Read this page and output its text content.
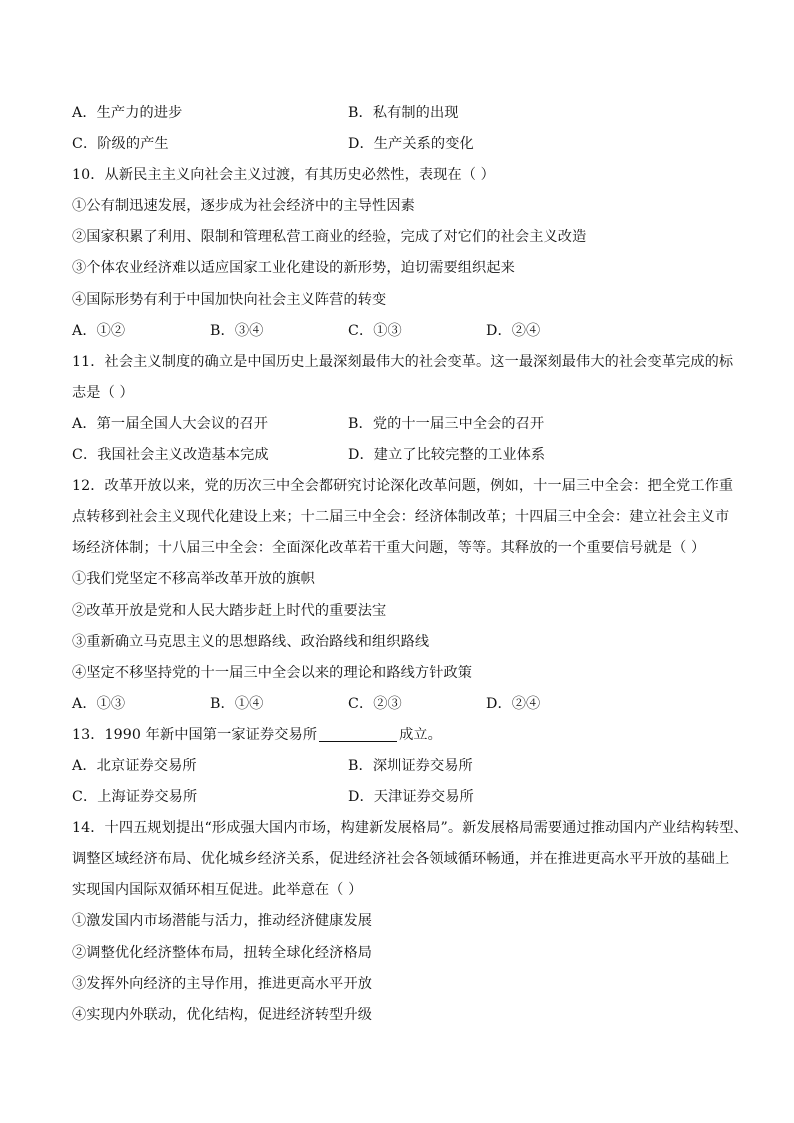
A．生产力的进步	B．私有制的出现
C．阶级的产生	D．生产关系的变化
10．从新民主主义向社会主义过渡，有其历史必然性，表现在（ ）
①公有制迅速发展，逐步成为社会经济中的主导性因素
②国家积累了利用、限制和管理私营工商业的经验，完成了对它们的社会主义改造
③个体农业经济难以适应国家工业化建设的新形势，迫切需要组织起来
④国际形势有利于中国加快向社会主义阵营的转变
A．①②	B．③④	C．①③	D．②④
11．社会主义制度的确立是中国历史上最深刻最伟大的社会变革。这一最深刻最伟大的社会变革完成的标
志是（ ）
A．第一届全国人大会议的召开	B．党的十一届三中全会的召开
C．我国社会主义改造基本完成	D．建立了比较完整的工业体系
12．改革开放以来，党的历次三中全会都研究讨论深化改革问题，例如，十一届三中全会：把全党工作重
点转移到社会主义现代化建设上来；十二届三中全会：经济体制改革；十四届三中全会：建立社会主义市
场经济体制；十八届三中全会：全面深化改革若干重大问题，等等。其释放的一个重要信号就是（ ）
①我们党坚定不移高举改革开放的旗帜
②改革开放是党和人民大踏步赶上时代的重要法宝
③重新确立马克思主义的思想路线、政治路线和组织路线
④坚定不移坚持党的十一届三中全会以来的理论和路线方针政策
A．①③	B．①④	C．②③	D．②④
13．1990 年新中国第一家证券交易所	成立。
A．北京证券交易所	B．深圳证券交易所
C．上海证券交易所	D．天津证券交易所
14．十四五规划提出“形成强大国内市场，构建新发展格局”。新发展格局需要通过推动国内产业结构转型、
调整区域经济布局、优化城乡经济关系，促进经济社会各领域循环畅通，并在推进更高水平开放的基础上
实现国内国际双循环相互促进。此举意在（ ）
①激发国内市场潜能与活力，推动经济健康发展
②调整优化经济整体布局，扭转全球化经济格局
③发挥外向经济的主导作用，推进更高水平开放
④实现内外联动，优化结构，促进经济转型升级
